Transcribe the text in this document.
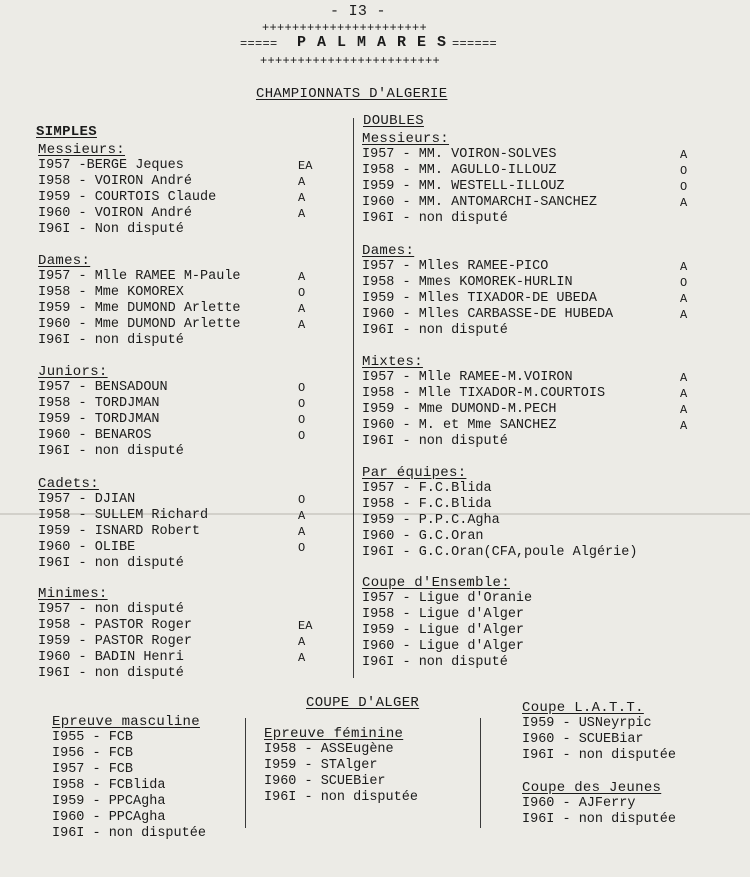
- I3 -
++++++++++++++++++++++
===== P A L M A R E S ======
++++++++++++++++++++++++
CHAMPIONNATS D'ALGERIE
SIMPLES
Messieurs:
I957 -BERGE Jeques	EA
I958 - VOIRON André	A
I959 - COURTOIS Claude	A
I960 - VOIRON André	A
I96I - Non disputé
Dames:
I957 - Mlle RAMEE M-Paule	A
I958 - Mme KOMOREX	O
I959 - Mme DUMOND Arlette	A
I960 - Mme DUMOND Arlette	A
I96I - non disputé
Juniors:
I957 - BENSADOUN	O
I958 - TORDJMAN	O
I959 - TORDJMAN	O
I960 - BENAROS	O
I96I - non disputé
Cadets:
I957 - DJIAN	O
I958 - SULLEM Richard	A
I959 - ISNARD Robert	A
I960 - OLIBE	O
I96I - non disputé
Minimes:
I957 - non disputé
I958 - PASTOR Roger	EA
I959 - PASTOR Roger	A
I960 - BADIN Henri	A
I96I - non disputé
DOUBLES
Messieurs:
I957 - MM. VOIRON-SOLVES	A
I958 - MM. AGULLO-ILLOUZ	O
I959 - MM. WESTELL-ILLOUZ	O
I960 - MM. ANTOMARCHI-SANCHEZ	A
I96I - non disputé
Dames:
I957 - Mlles RAMEE-PICO	A
I958 - Mmes KOMOREK-HURLIN	O
I959 - Mlles TIXADOR-DE UBEDA	A
I960 - Mlles CARBASSE-DE HUBEDA	A
I96I - non disputé
Mixtes:
I957 - Mlle RAMEE-M.VOIRON	A
I958 - Mlle TIXADOR-M.COURTOIS	A
I959 - Mme DUMOND-M.PECH	A
I960 - M. et Mme SANCHEZ	A
I96I - non disputé
Par équipes:
I957 - F.C.Blida
I958 - F.C.Blida
I959 - P.P.C.Agha
I960 - G.C.Oran
I96I - G.C.Oran(CFA,poule Algérie)
Coupe d'Ensemble:
I957 - Ligue d'Oranie
I958 - Ligue d'Alger
I959 - Ligue d'Alger
I960 - Ligue d'Alger
I96I - non disputé
COUPE D'ALGER
Epreuve masculine
I955 - FCB
I956 - FCB
I957 - FCB
I958 - FCBlida
I959 - PPCAgha
I960 - PPCAgha
I96I - non disputée
Epreuve féminine
I958 - ASSEugène
I959 - STAlger
I960 - SCUEBier
I96I - non disputée
Coupe L.A.T.T.
I959 - USNeyrpic
I960 - SCUEBiar
I96I - non disputée
Coupe des Jeunes
I960 - AJFerry
I96I - non disputée
